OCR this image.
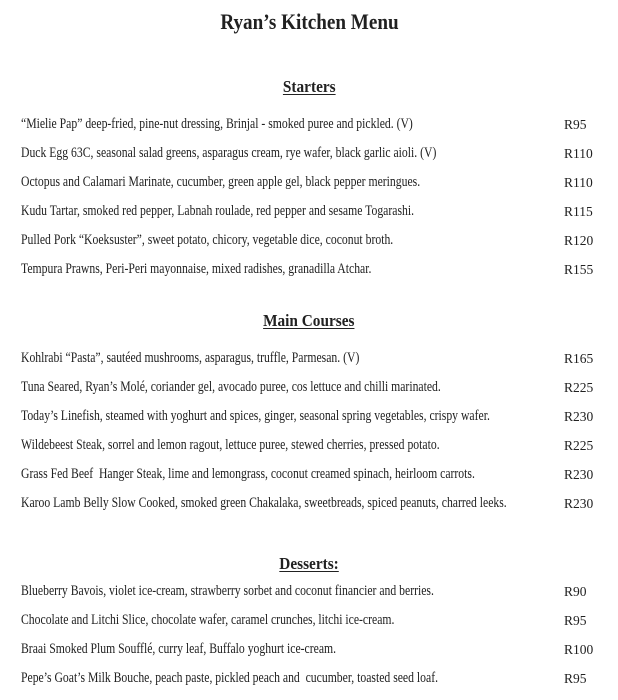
Ryan’s Kitchen Menu
Starters
“Mielie Pap” deep-fried, pine-nut dressing, Brinjal - smoked puree and pickled. (V)	R95
Duck Egg 63C, seasonal salad greens, asparagus cream, rye wafer, black garlic aioli. (V)	R110
Octopus and Calamari Marinate, cucumber, green apple gel, black pepper meringues.	R110
Kudu Tartar, smoked red pepper, Labnah roulade, red pepper and sesame Togarashi.	R115
Pulled Pork “Koeksuster”, sweet potato, chicory, vegetable dice, coconut broth.	R120
Tempura Prawns, Peri-Peri mayonnaise, mixed radishes, granadilla Atchar.	R155
Main Courses
Kohlrabi “Pasta”, sautéed mushrooms, asparagus, truffle, Parmesan. (V)	R165
Tuna Seared, Ryan’s Molé, coriander gel, avocado puree, cos lettuce and chilli marinated.	R225
Today’s Linefish, steamed with yoghurt and spices, ginger, seasonal spring vegetables, crispy wafer.	R230
Wildebeest Steak, sorrel and lemon ragout, lettuce puree, stewed cherries, pressed potato.	R225
Grass Fed Beef  Hanger Steak, lime and lemongrass, coconut creamed spinach, heirloom carrots.	R230
Karoo Lamb Belly Slow Cooked, smoked green Chakalaka, sweetbreads, spiced peanuts, charred leeks.	R230
Desserts:
Blueberry Bavois, violet ice-cream, strawberry sorbet and coconut financier and berries.	R90
Chocolate and Litchi Slice, chocolate wafer, caramel crunches, litchi ice-cream.	R95
Braai Smoked Plum Soufflé, curry leaf, Buffalo yoghurt ice-cream.	R100
Pepe’s Goat’s Milk Bouche, peach paste, pickled peach and  cucumber, toasted seed loaf.	R95
